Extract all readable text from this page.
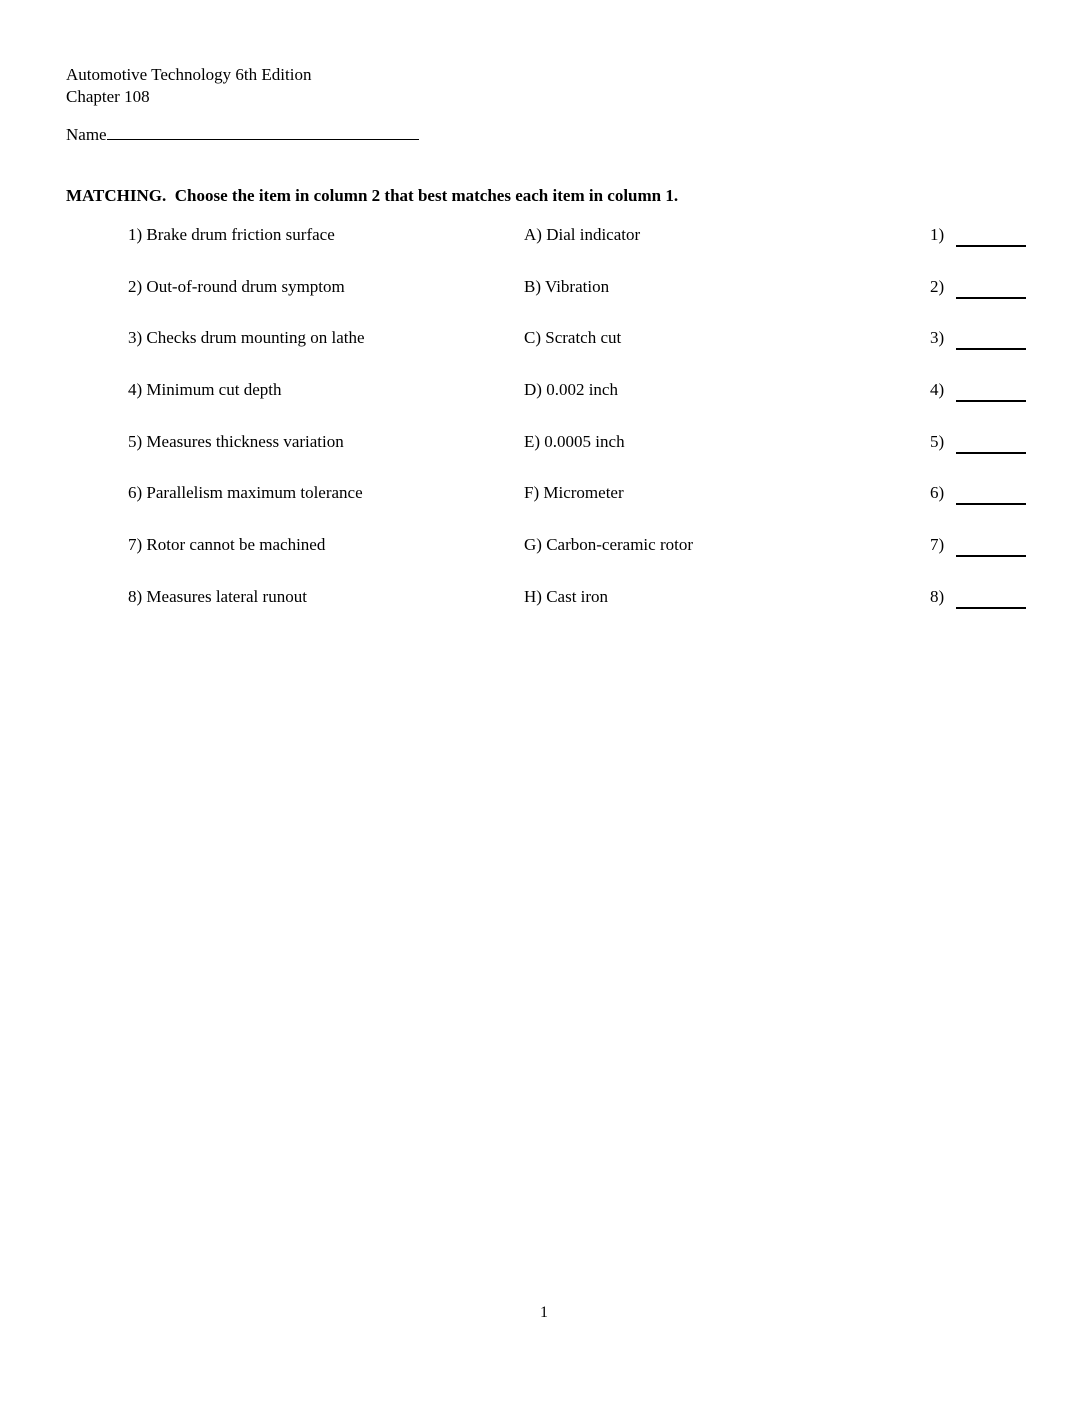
Automotive Technology 6th Edition
Chapter 108
Name
MATCHING.  Choose the item in column 2 that best matches each item in column 1.
1) Brake drum friction surface	A) Dial indicator	1)
2) Out-of-round drum symptom	B) Vibration	2)
3) Checks drum mounting on lathe	C) Scratch cut	3)
4) Minimum cut depth	D) 0.002 inch	4)
5) Measures thickness variation	E) 0.0005 inch	5)
6) Parallelism maximum tolerance	F) Micrometer	6)
7) Rotor cannot be machined	G) Carbon-ceramic rotor	7)
8) Measures lateral runout	H) Cast iron	8)
1
